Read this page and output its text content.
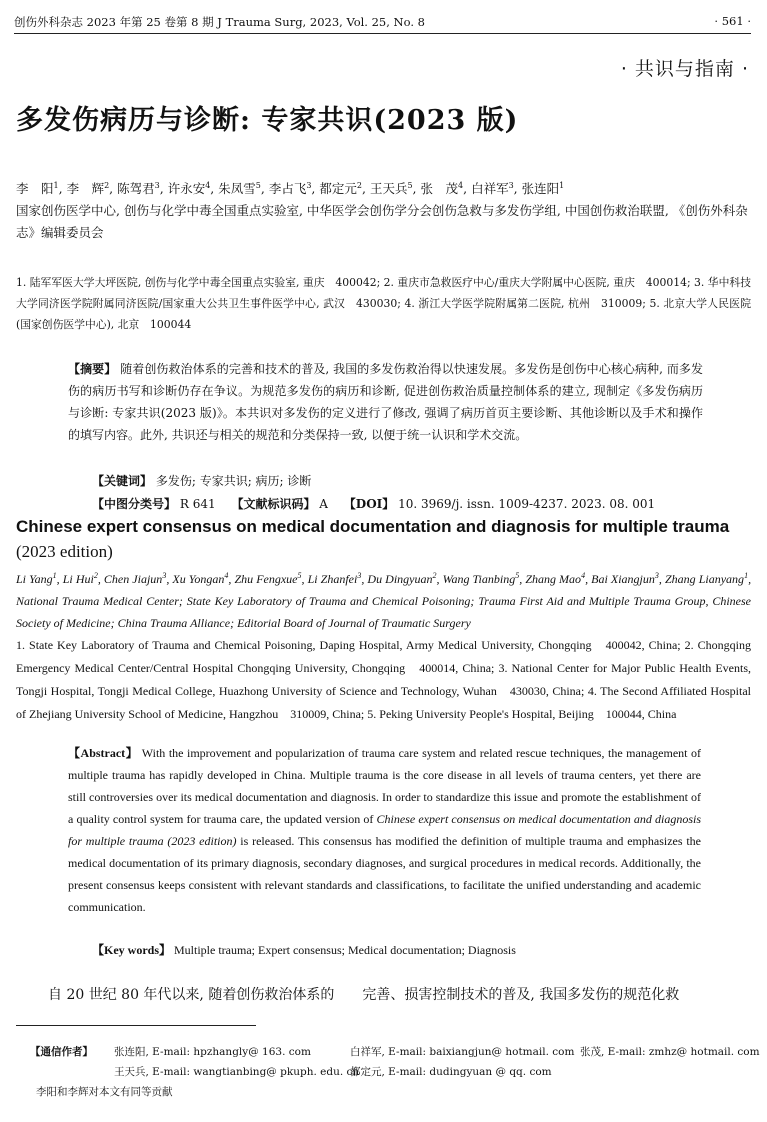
创伤外科杂志 2023 年第 25 卷第 8 期 J Trauma Surg, 2023, Vol. 25, No. 8	· 561 ·
· 共识与指南 ·
多发伤病历与诊断: 专家共识(2023 版)
李　阳$^1$, 李　辉$^2$, 陈驾君$^3$, 许永安$^4$, 朱凤雪$^5$, 李占飞$^3$, 都定元$^2$, 王天兵$^5$, 张　茂$^4$, 白祥军$^3$, 张连阳$^1$
国家创伤医学中心, 创伤与化学中毒全国重点实验室, 中华医学会创伤学分会创伤急救与多发伤学组, 中国创伤救治联盟, 《创伤外科杂志》编辑委员会
1. 陆军军医大学大坪医院, 创伤与化学中毒全国重点实验室, 重庆　400042; 2. 重庆市急救医疗中心/重庆大学附属中心医院, 重庆　400014; 3. 华中科技大学同济医学院附属同济医院/国家重大公共卫生事件医学中心, 武汉　430030; 4. 浙江大学医学院附属第二医院, 杭州　310009; 5. 北京大学人民医院(国家创伤医学中心), 北京　100044
【摘要】 随着创伤救治体系的完善和技术的普及, 我国的多发伤救治得以快速发展。多发伤是创伤中心核心病种, 而多发伤的病历书写和诊断仍存在争议。为规范多发伤的病历和诊断, 促进创伤救治质量控制体系的建立, 现制定《多发伤病历与诊断: 专家共识(2023 版)》。本共识对多发伤的定义进行了修改, 强调了病历首页主要诊断、其他诊断以及手术和操作的填写内容。此外, 共识还与相关的规范和分类保持一致, 以便于统一认识和学术交流。
【关键词】 多发伤; 专家共识; 病历; 诊断
【中图分类号】 R 641 【文献标识码】 A 【DOI】 10. 3969/j. issn. 1009-4237. 2023. 08. 001
Chinese expert consensus on medical documentation and diagnosis for multiple trauma (2023 edition)
Li Yang$^1$, Li Hui$^2$, Chen Jiajun$^3$, Xu Yongan$^4$, Zhu Fengxue$^5$, Li Zhanfei$^3$, Du Dingyuan$^2$, Wang Tianbing$^5$, Zhang Mao$^4$, Bai Xiangjun$^3$, Zhang Lianyang$^1$, National Trauma Medical Center; State Key Laboratory of Trauma and Chemical Poisoning; Trauma First Aid and Multiple Trauma Group, Chinese Society of Medicine; China Trauma Alliance; Editorial Board of Journal of Traumatic Surgery
1. State Key Laboratory of Trauma and Chemical Poisoning, Daping Hospital, Army Medical University, Chongqing　400042, China; 2. Chongqing Emergency Medical Center/Central Hospital Chongqing University, Chongqing　400014, China; 3. National Center for Major Public Health Events, Tongji Hospital, Tongji Medical College, Huazhong University of Science and Technology, Wuhan　430030, China; 4. The Second Affiliated Hospital of Zhejiang University School of Medicine, Hangzhou　310009, China; 5. Peking University People's Hospital, Beijing　100044, China
【Abstract】 With the improvement and popularization of trauma care system and related rescue techniques, the management of multiple trauma has rapidly developed in China. Multiple trauma is the core disease in all levels of trauma centers, yet there are still controversies over its medical documentation and diagnosis. In order to standardize this issue and promote the establishment of a quality control system for trauma care, the updated version of Chinese expert consensus on medical documentation and diagnosis for multiple trauma (2023 edition) is released. This consensus has modified the definition of multiple trauma and emphasizes the medical documentation of its primary diagnosis, secondary diagnoses, and surgical procedures in medical records. Additionally, the present consensus keeps consistent with relevant standards and classifications, to facilitate the unified understanding and academic communication.
【Key words】 Multiple trauma; Expert consensus; Medical documentation; Diagnosis
自 20 世纪 80 年代以来, 随着创伤救治体系的　　完善、损害控制技术的普及, 我国多发伤的规范化救
【通信作者】 张连阳, E-mail: hpzhangly@ 163. com	白祥军, E-mail: baixiangjun@ hotmail. com 张茂, E-mail: zmhz@ hotmail. com
王天兵, E-mail: wangtianbing@ pkuph. edu. cn
都定元, E-mail: dudingyuan @ qq. com
李阳和李辉对本文有同等贡献
